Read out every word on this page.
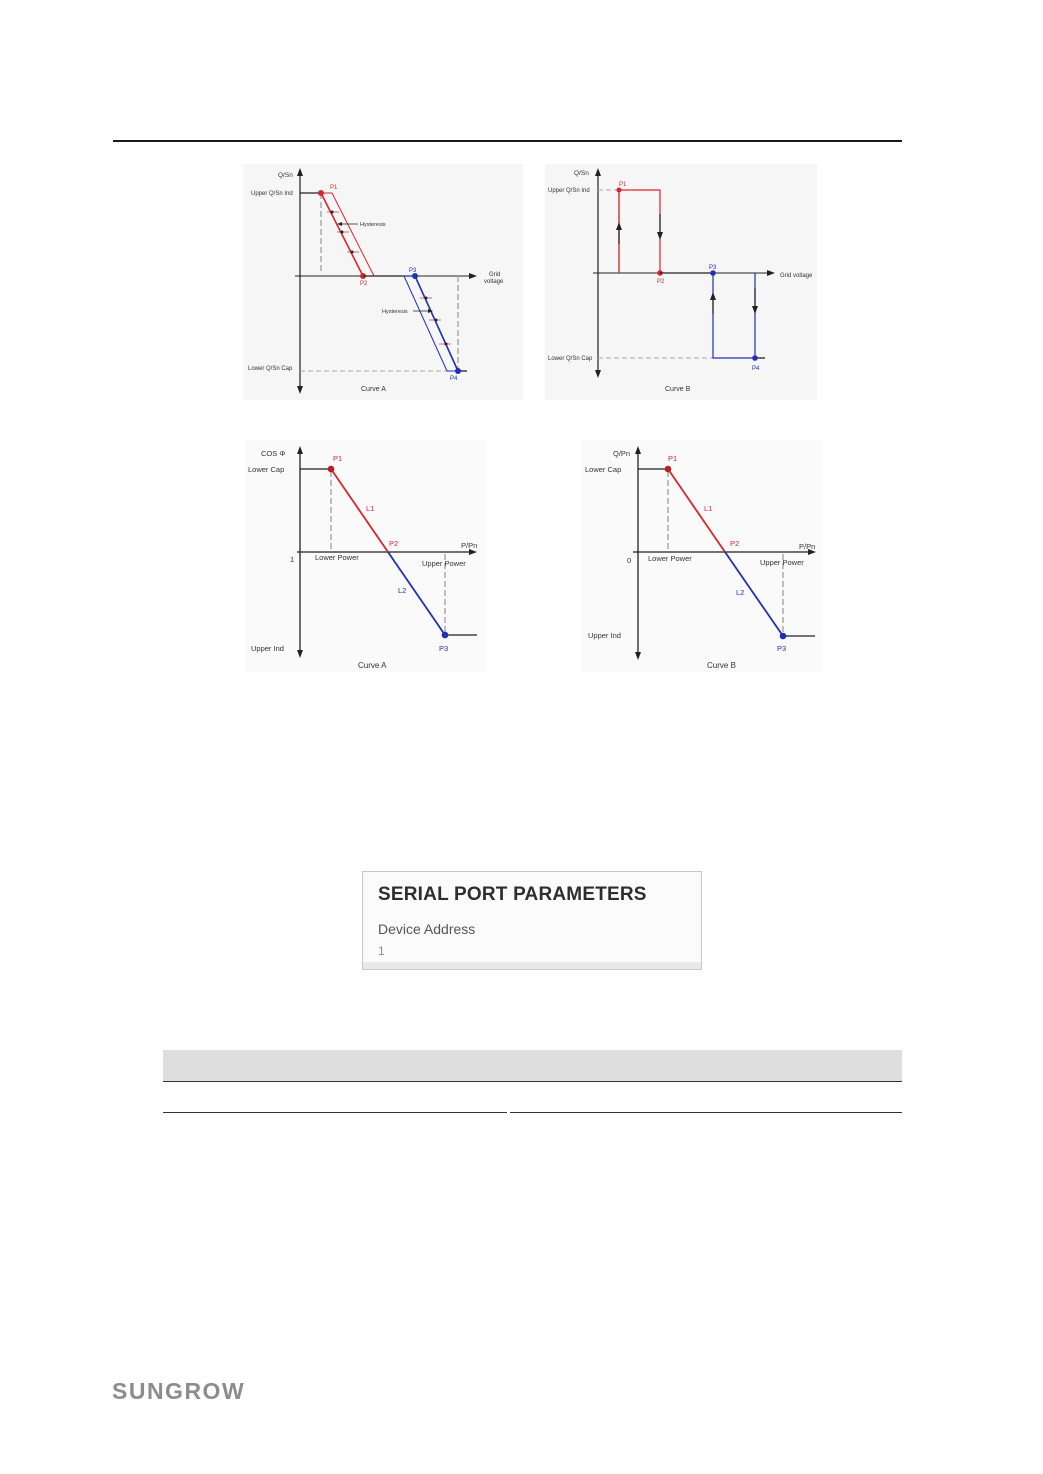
Q/Sn
Upper Q/Sn Ind
Lower Q/Sn Cap
Grid
voltage
Hysteresis
Hysteresis
P1
P2
P3
P4
Curve A
Q/Sn
Upper Q/Sn Ind
Lower Q/Sn Cap
Grid voltage
P1
P2
P3
P4
Curve B
COS Φ
Lower Cap
1
P/Pn
Lower Power
Upper Power
Upper Ind
L1
L2
P1
P2
P3
Curve A
Q/Pn
Lower Cap
0
P/Pn
Lower Power	Upper Power
Upper Ind
L1
L2
P1
P2
P3
Curve B
SERIAL PORT PARAMETERS
Device Address
1
SUNGROW
